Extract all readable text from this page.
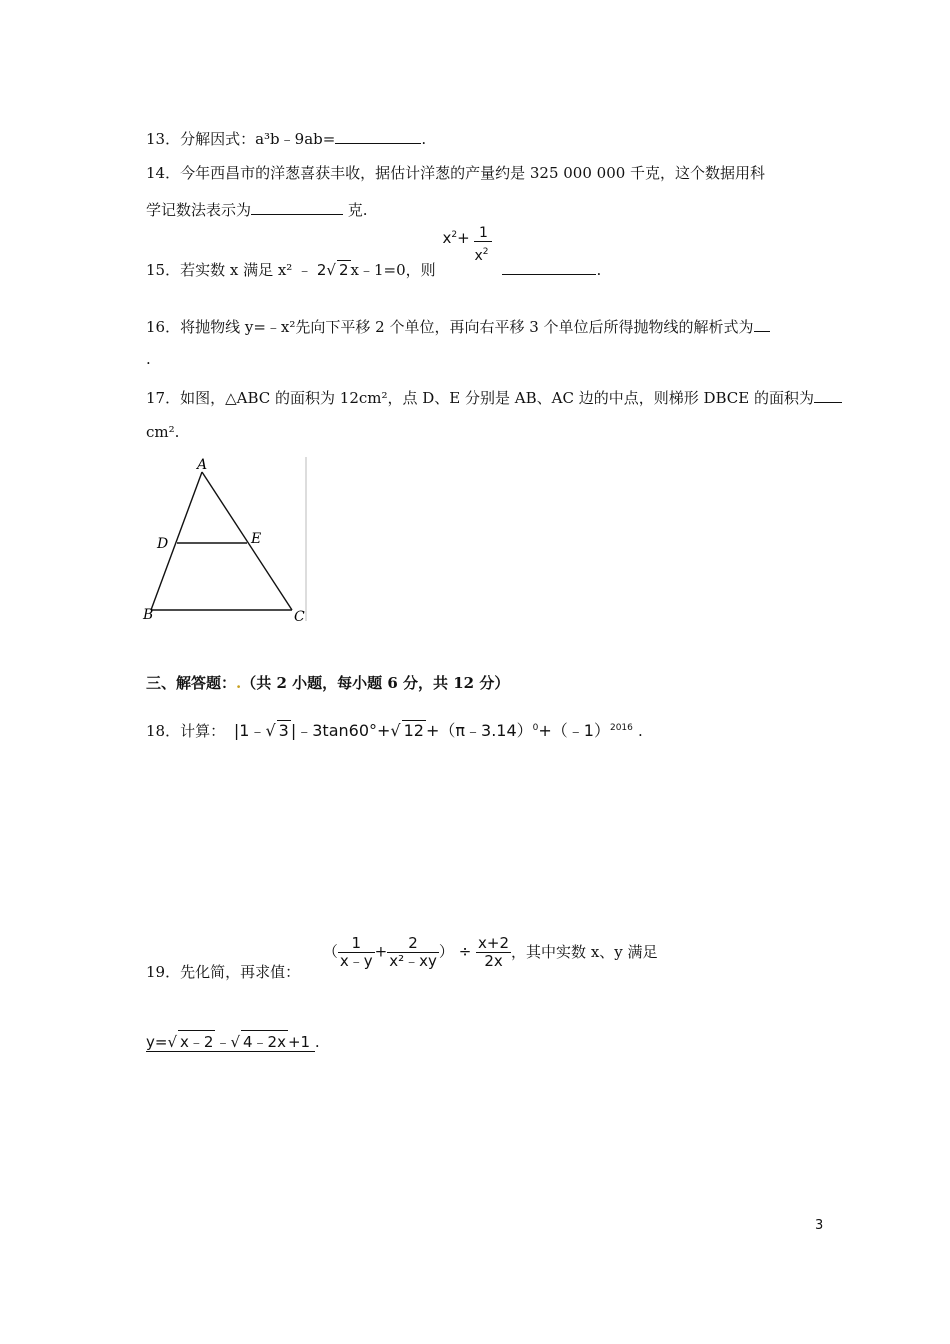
13．分解因式：a³b﹣9ab=	.
14．今年西昌市的洋葱喜获丰收，据估计洋葱的产量约是 325 000 000 千克，这个数据用科
学记数法表示为	克.
15．若实数 x 满足 x² ﹣ 2√ 2 x﹣1=0，则
$x^2+ 1$
$x^2$
.
16．将抛物线 y=﹣x²先向下平移 2 个单位，再向右平移 3 个单位后所得抛物线的解析式为
.
17．如图，△ABC 的面积为 12cm²，点 D、E 分别是 AB、AC 边的中点，则梯形 DBCE 的面积为
cm².
A
D	E
B	C
三、解答题：.（共 2 小题，每小题 6 分，共 12 分）
18．计算： |1﹣√ 3 |﹣3tan60°+√ 12 +（π﹣3.14）$^0$+（﹣1）$^{2016}$ .
19．先化简，再求值： （ $\frac{1}{x﹣y} + \frac{2}{\text{x²﹣xy}}$ ） ÷ $\frac{x+2}{2x}$ ，其中实数 x、y 满足
y=√ x﹣2 ﹣√ 4﹣2x +1 .
3
